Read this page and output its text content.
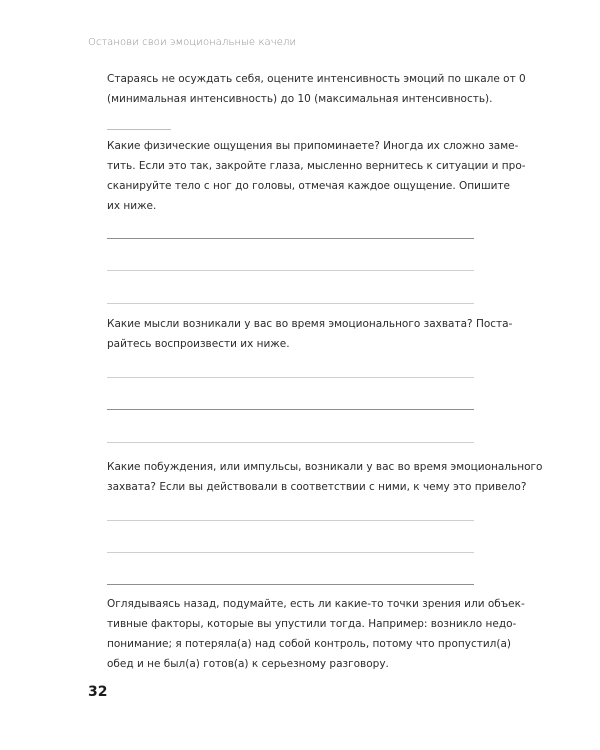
Останови свои эмоциональные качели
Стараясь не осуждать себя, оцените интенсивность эмоций по шкале от 0
(минимальная интенсивность) до 10 (максимальная интенсивность).
Какие физические ощущения вы припоминаете? Иногда их сложно заме-
тить. Если это так, закройте глаза, мысленно вернитесь к ситуации и про-
сканируйте тело с ног до головы, отмечая каждое ощущение. Опишите
их ниже.
Какие мысли возникали у вас во время эмоционального захвата? Поста-
райтесь воспроизвести их ниже.
Какие побуждения, или импульсы, возникали у вас во время эмоционального
захвата? Если вы действовали в соответствии с ними, к чему это привело?
Оглядываясь назад, подумайте, есть ли какие-то точки зрения или объек-
тивные факторы, которые вы упустили тогда. Например: возникло недо-
понимание; я потеряла(а) над собой контроль, потому что пропустил(а)
обед и не был(а) готов(а) к серьезному разговору.
32
